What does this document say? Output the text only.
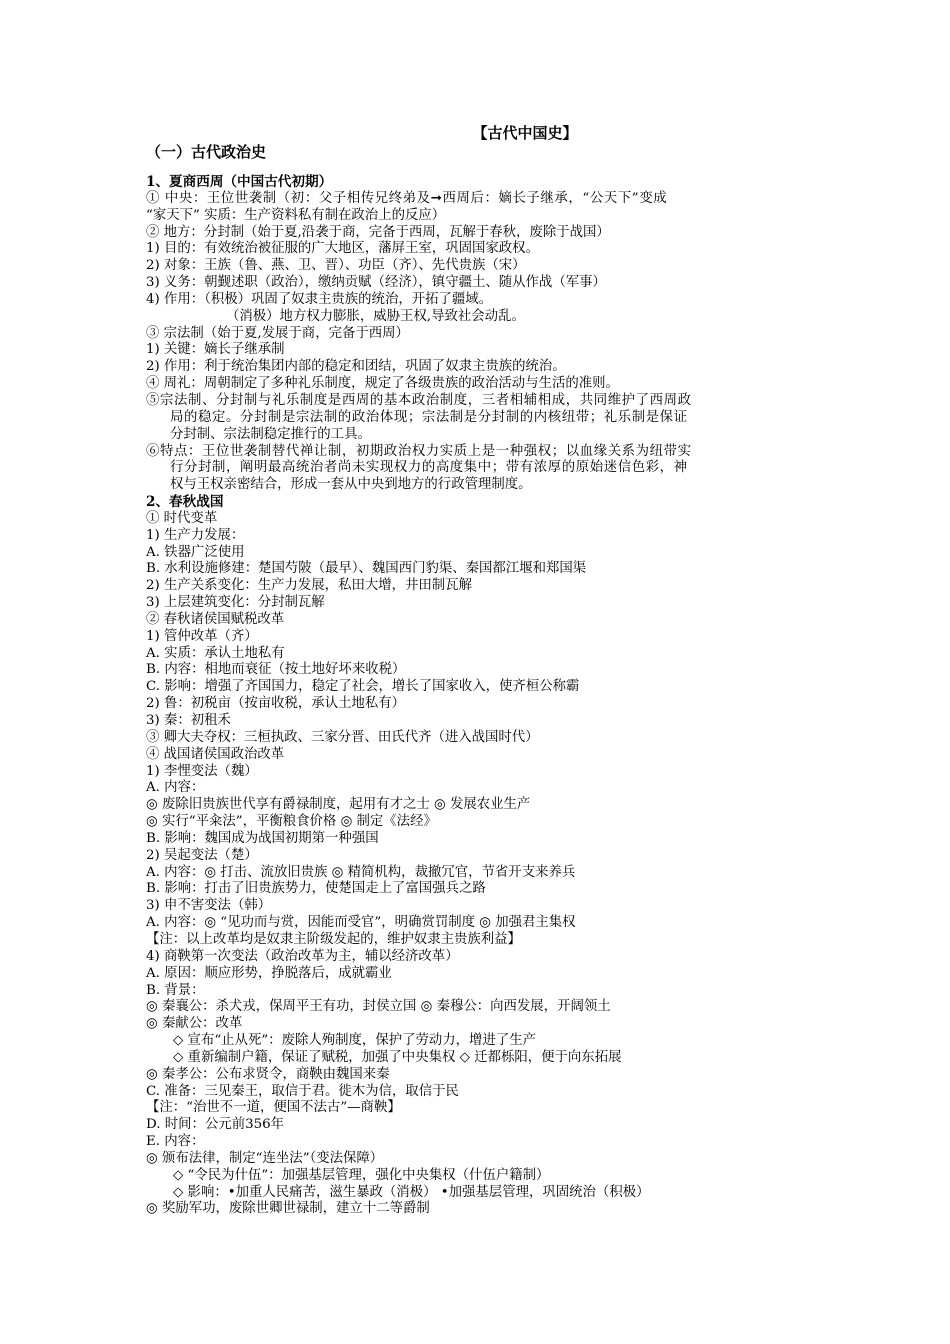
【古代中国史】
（一）古代政治史
1、夏商西周（中国古代初期）
① 中央：王位世袭制（初：父子相传兄终弟及➞西周后：嫡长子继承，“公天下”变成
“家天下” 实质：生产资料私有制在政治上的反应）
② 地方：分封制（始于夏,沿袭于商，完备于西周，瓦解于春秋，废除于战国）
1) 目的：有效统治被征服的广大地区，藩屏王室，巩固国家政权。
2) 对象：王族（鲁、燕、卫、晋）、功臣（齐）、先代贵族（宋）
3) 义务：朝觐述职（政治），缴纳贡赋（经济），镇守疆土、随从作战（军事）
4) 作用：（积极）巩固了奴隶主贵族的统治，开拓了疆域。
（消极）地方权力膨胀，威胁王权,导致社会动乱。
③ 宗法制（始于夏,发展于商，完备于西周）
1) 关键：嫡长子继承制
2) 作用：利于统治集团内部的稳定和团结，巩固了奴隶主贵族的统治。
④ 周礼：周朝制定了多种礼乐制度，规定了各级贵族的政治活动与生活的准则。
⑤宗法制、分封制与礼乐制度是西周的基本政治制度，三者相辅相成，共同维护了西周政
局的稳定。分封制是宗法制的政治体现；宗法制是分封制的内核纽带；礼乐制是保证
分封制、宗法制稳定推行的工具。
⑥特点：王位世袭制替代禅让制，初期政治权力实质上是一种强权；以血缘关系为纽带实
行分封制，阐明最高统治者尚未实现权力的高度集中；带有浓厚的原始迷信色彩，神
权与王权亲密结合，形成一套从中央到地方的行政管理制度。
2、春秋战国
① 时代变革
1) 生产力发展：
A. 铁器广泛使用
B. 水利设施修建：楚国芍陂（最早）、魏国西门豹渠、秦国都江堰和郑国渠
2) 生产关系变化：生产力发展，私田大增，井田制瓦解
3) 上层建筑变化：分封制瓦解
② 春秋诸侯国赋税改革
1) 管仲改革（齐）
A. 实质：承认土地私有
B. 内容：相地而衰征（按土地好坏来收税）
C. 影响：增强了齐国国力，稳定了社会，增长了国家收入，使齐桓公称霸
2) 鲁：初税亩（按亩收税，承认土地私有）
3) 秦：初租禾
③ 卿大夫夺权：三桓执政、三家分晋、田氏代齐（进入战国时代）
④ 战国诸侯国政治改革
1) 李悝变法（魏）
A. 内容：
◎ 废除旧贵族世代享有爵禄制度，起用有才之士 ◎ 发展农业生产
◎ 实行“平籴法”，平衡粮食价格 ◎ 制定《法经》
B. 影响：魏国成为战国初期第一种强国
2) 吴起变法（楚）
A. 内容：◎ 打击、流放旧贵族 ◎ 精简机构，裁撤冗官，节省开支来养兵
B. 影响：打击了旧贵族势力，使楚国走上了富国强兵之路
3) 申不害变法（韩）
A. 内容：◎ “见功而与赏，因能而受官”，明确赏罚制度 ◎ 加强君主集权
【注：以上改革均是奴隶主阶级发起的，维护奴隶主贵族利益】
4) 商鞅第一次变法（政治改革为主，辅以经济改革）
A. 原因：顺应形势，挣脱落后，成就霸业
B. 背景：
◎ 秦襄公：杀犬戎，保周平王有功，封侯立国 ◎ 秦穆公：向西发展，开阔领土
◎ 秦献公：改革
◇ 宣布“止从死”：废除人殉制度，保护了劳动力，增进了生产
◇ 重新编制户籍，保证了赋税，加强了中央集权 ◇ 迁都栎阳，便于向东拓展
◎ 秦孝公：公布求贤令，商鞅由魏国来秦
C. 准备：三见秦王，取信于君。徙木为信，取信于民
【注：“治世不一道，便国不法古”—商鞅】
D. 时间：公元前356年
E. 内容：
◎ 颁布法律，制定“连坐法”（变法保障）
◇ “令民为什伍”：加强基层管理，强化中央集权（什伍户籍制）
◇ 影响：•加重人民痛苦，滋生暴政（消极） •加强基层管理，巩固统治（积极）
◎ 奖励军功，废除世卿世禄制，建立十二等爵制
